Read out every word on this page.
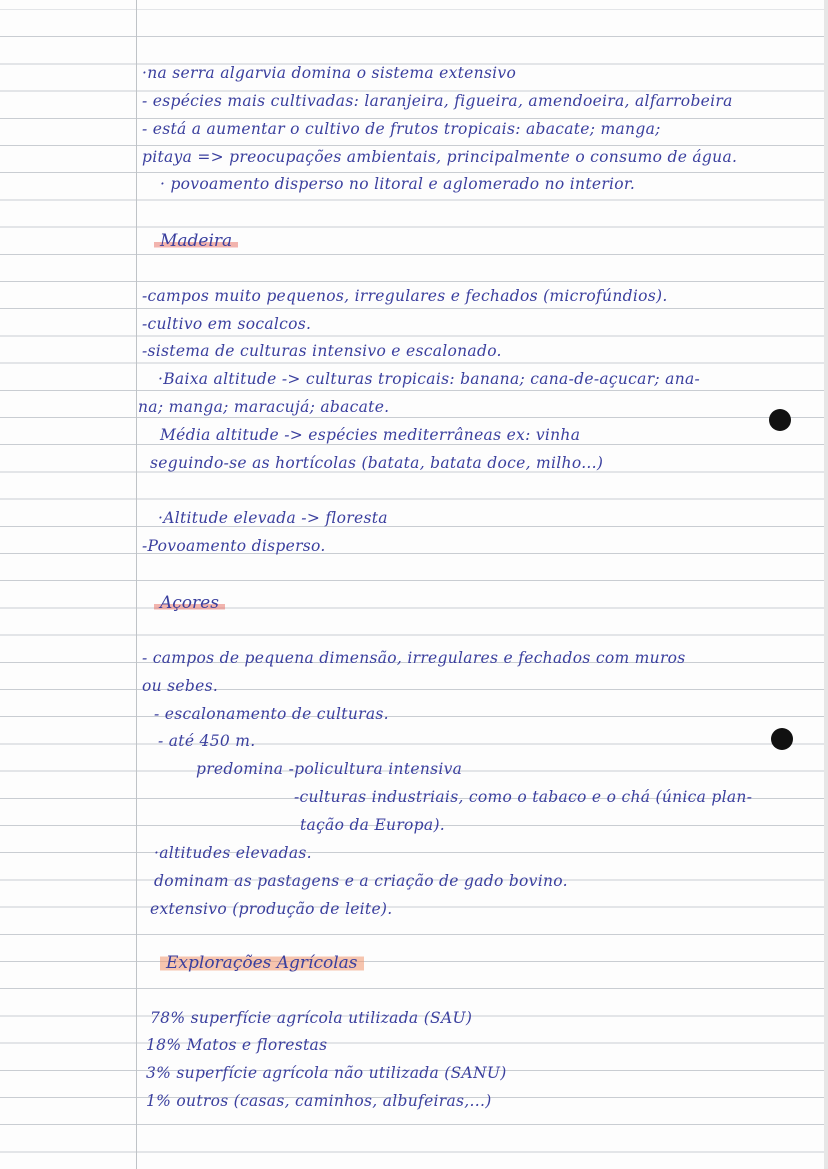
·na serra algarvia domina o sistema extensivo
- espécies mais cultivadas: laranjeira, figueira, amendoeira, alfarrobeira
- está a aumentar o cultivo de frutos tropicais: abacate; manga;
pitaya => preocupações ambientais, principalmente o consumo de água.
· povoamento disperso no litoral e aglomerado no interior.
Madeira
-campos muito pequenos, irregulares e fechados (microfúndios).
-cultivo em socalcos.
-sistema de culturas intensivo e escalonado.
·Baixa altitude -> culturas tropicais: banana; cana-de-açucar; ana-
na; manga; maracujá; abacate.
Média altitude -> espécies mediterrâneas ex: vinha
seguindo-se as hortícolas (batata, batata doce, milho...)
·Altitude elevada -> floresta
-Povoamento disperso.
Açores
- campos de pequena dimensão, irregulares e fechados com muros
ou sebes.
- escalonamento de culturas.
- até 450 m.
predomina -policultura intensiva
-culturas industriais, como o tabaco e o chá (única plan-
tação da Europa).
·altitudes elevadas.
dominam as pastagens e a criação de gado bovino.
extensivo (produção de leite).
Explorações Agrícolas
78% superfície agrícola utilizada (SAU)
18% Matos e florestas
3% superfície agrícola não utilizada (SANU)
1% outros (casas, caminhos, albufeiras,...)
